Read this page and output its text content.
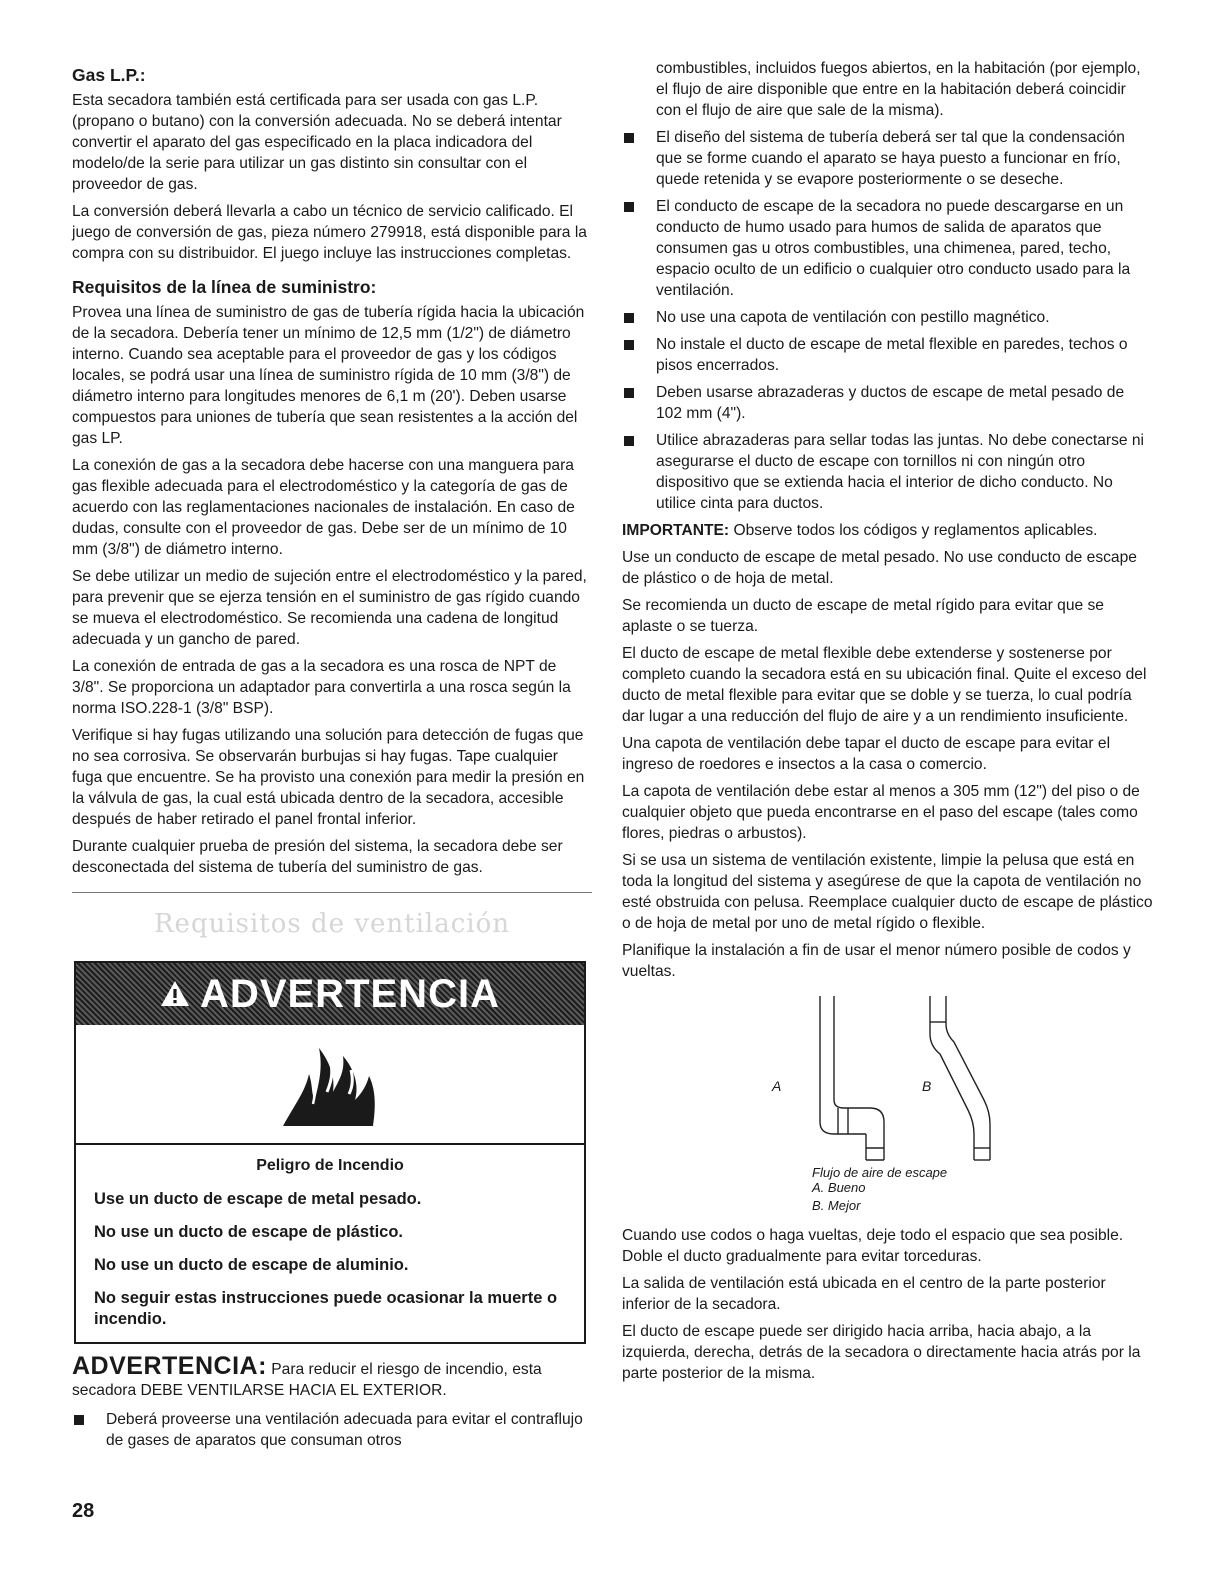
Gas L.P.:

Esta secadora también está certificada para ser usada con gas L.P. (propano o butano) con la conversión adecuada. No se deberá intentar convertir el aparato del gas especificado en la placa indicadora del modelo/de la serie para utilizar un gas distinto sin consultar con el proveedor de gas.

La conversión deberá llevarla a cabo un técnico de servicio calificado. El juego de conversión de gas, pieza número 279918, está disponible para la compra con su distribuidor. El juego incluye las instrucciones completas.

Requisitos de la línea de suministro:

Provea una línea de suministro de gas de tubería rígida hacia la ubicación de la secadora. Debería tener un mínimo de 12,5 mm (1/2") de diámetro interno. Cuando sea aceptable para el proveedor de gas y los códigos locales, se podrá usar una línea de suministro rígida de 10 mm (3/8") de diámetro interno para longitudes menores de 6,1 m (20'). Deben usarse compuestos para uniones de tubería que sean resistentes a la acción del gas LP.

La conexión de gas a la secadora debe hacerse con una manguera para gas flexible adecuada para el electrodoméstico y la categoría de gas de acuerdo con las reglamentaciones nacionales de instalación. En caso de dudas, consulte con el proveedor de gas. Debe ser de un mínimo de 10 mm (3/8") de diámetro interno.

Se debe utilizar un medio de sujeción entre el electrodoméstico y la pared, para prevenir que se ejerza tensión en el suministro de gas rígido cuando se mueva el electrodoméstico. Se recomienda una cadena de longitud adecuada y un gancho de pared.

La conexión de entrada de gas a la secadora es una rosca de NPT de 3/8". Se proporciona un adaptador para convertirla a una rosca según la norma ISO.228-1 (3/8" BSP).

Verifique si hay fugas utilizando una solución para detección de fugas que no sea corrosiva. Se observarán burbujas si hay fugas. Tape cualquier fuga que encuentre. Se ha provisto una conexión para medir la presión en la válvula de gas, la cual está ubicada dentro de la secadora, accesible después de haber retirado el panel frontal inferior.

Durante cualquier prueba de presión del sistema, la secadora debe ser desconectada del sistema de tubería del suministro de gas.

Requisitos de ventilación
ADVERTENCIA
Peligro de Incendio
Use un ducto de escape de metal pesado.
No use un ducto de escape de plástico.
No use un ducto de escape de aluminio.
No seguir estas instrucciones puede ocasionar la muerte o incendio.
ADVERTENCIA: Para reducir el riesgo de incendio, esta secadora DEBE VENTILARSE HACIA EL EXTERIOR.
Deberá proveerse una ventilación adecuada para evitar el contraflujo de gases de aparatos que consuman otros
combustibles, incluidos fuegos abiertos, en la habitación (por ejemplo, el flujo de aire disponible que entre en la habitación deberá coincidir con el flujo de aire que sale de la misma).
El diseño del sistema de tubería deberá ser tal que la condensación que se forme cuando el aparato se haya puesto a funcionar en frío, quede retenida y se evapore posteriormente o se deseche.
El conducto de escape de la secadora no puede descargarse en un conducto de humo usado para humos de salida de aparatos que consumen gas u otros combustibles, una chimenea, pared, techo, espacio oculto de un edificio o cualquier otro conducto usado para la ventilación.
No use una capota de ventilación con pestillo magnético.
No instale el ducto de escape de metal flexible en paredes, techos o pisos encerrados.
Deben usarse abrazaderas y ductos de escape de metal pesado de 102 mm (4").
Utilice abrazaderas para sellar todas las juntas. No debe conectarse ni asegurarse el ducto de escape con tornillos ni con ningún otro dispositivo que se extienda hacia el interior de dicho conducto. No utilice cinta para ductos.

IMPORTANTE: Observe todos los códigos y reglamentos aplicables.

Use un conducto de escape de metal pesado. No use conducto de escape de plástico o de hoja de metal.

Se recomienda un ducto de escape de metal rígido para evitar que se aplaste o se tuerza.

El ducto de escape de metal flexible debe extenderse y sostenerse por completo cuando la secadora está en su ubicación final. Quite el exceso del ducto de metal flexible para evitar que se doble y se tuerza, lo cual podría dar lugar a una reducción del flujo de aire y a un rendimiento insuficiente.

Una capota de ventilación debe tapar el ducto de escape para evitar el ingreso de roedores e insectos a la casa o comercio.

La capota de ventilación debe estar al menos a 305 mm (12") del piso o de cualquier objeto que pueda encontrarse en el paso del escape (tales como flores, piedras o arbustos).

Si se usa un sistema de ventilación existente, limpie la pelusa que está en toda la longitud del sistema y asegúrese de que la capota de ventilación no esté obstruida con pelusa. Reemplace cualquier ducto de escape de plástico o de hoja de metal por uno de metal rígido o flexible.

Planifique la instalación a fin de usar el menor número posible de codos y vueltas.

A	B
Flujo de aire de escape
A. Bueno
B. Mejor

Cuando use codos o haga vueltas, deje todo el espacio que sea posible. Doble el ducto gradualmente para evitar torceduras.

La salida de ventilación está ubicada en el centro de la parte posterior inferior de la secadora.

El ducto de escape puede ser dirigido hacia arriba, hacia abajo, a la izquierda, derecha, detrás de la secadora o directamente hacia atrás por la parte posterior de la misma.

28
